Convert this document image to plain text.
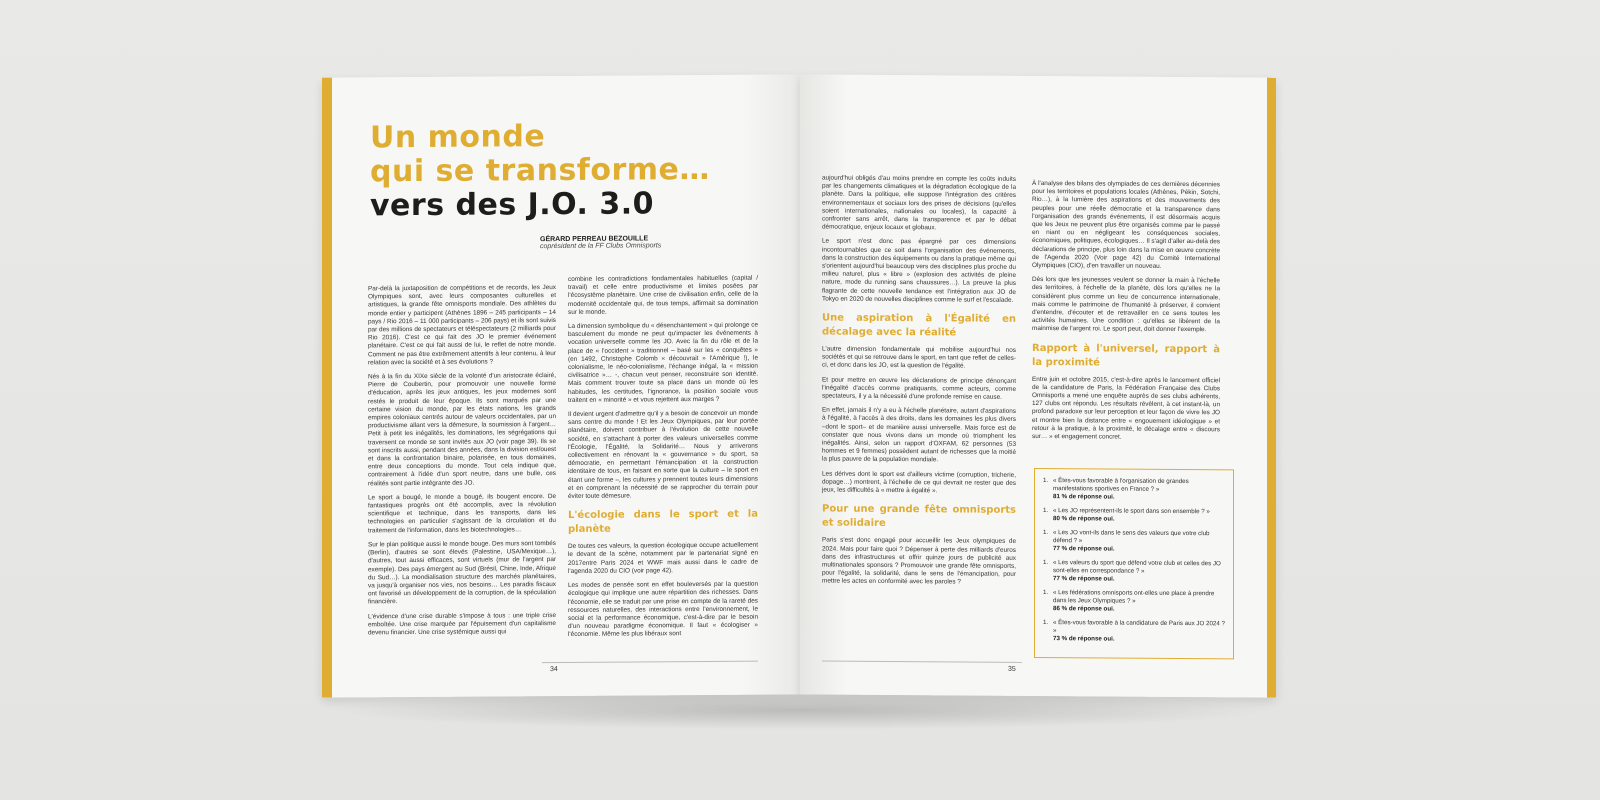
Un monde
qui se transforme…
vers des J.O. 3.0
GÉRARD PERREAU BEZOUILLE
coprésident de la FF Clubs Omnisports

Par-delà la juxtaposition de compétitions et de records, les Jeux Olympiques sont, avec leurs composantes culturelles et artistiques, la grande fête omnisports mondiale. Des athlètes du monde entier y participent (Athènes 1896 – 245 participants – 14 pays / Rio 2016 – 11 000 participants – 206 pays) et ils sont suivis par des millions de spectateurs et téléspectateurs (2 milliards pour Rio 2016). C'est ce qui fait des JO le premier événement planétaire. C'est ce qui fait aussi de lui, le reflet de notre monde. Comment ne pas être extrêmement attentifs à leur contenu, à leur relation avec la société et à ses évolutions ?

Nés à la fin du XIXe siècle de la volonté d'un aristocrate éclairé, Pierre de Coubertin, pour promouvoir une nouvelle forme d'éducation, après les jeux antiques, les jeux modernes sont restés le produit de leur époque. Ils sont marqués par une certaine vision du monde, par les états nations, les grands empires coloniaux centrés autour de valeurs occidentales, par un productivisme allant vers la démesure, la soumission à l'argent… Petit à petit les inégalités, les dominations, les ségrégations qui traversent ce monde se sont invités aux JO (voir page 39). Ils se sont inscrits aussi, pendant des années, dans la division est/ouest et dans la confrontation binaire, polarisée, en tous domaines, entre deux conceptions du monde. Tout cela indique que, contrairement à l'idée d'un sport neutre, dans une bulle, ces réalités sont partie intégrante des JO.

Le sport a bougé, le monde a bougé, ils bougent encore. De fantastiques progrès ont été accomplis, avec la révolution scientifique et technique, dans les transports, dans les technologies en particulier s'agissant de la circulation et du traitement de l'information, dans les biotechnologies…

Sur le plan politique aussi le monde bouge. Des murs sont tombés (Berlin), d'autres se sont élevés (Palestine, USA/Mexique…), d'autres, tout aussi efficaces, sont virtuels (mur de l'argent par exemple). Des pays émergent au Sud (Brésil, Chine, Inde, Afrique du Sud…). La mondialisation structure des marchés planétaires, va jusqu'à organiser nos vies, nos besoins… Les paradis fiscaux ont favorisé un développement de la corruption, de la spéculation financière.

L'évidence d'une crise durable s'impose à tous : une triple crise emboîtée. Une crise marquée par l'épuisement d'un capitalisme devenu financier. Une crise systémique aussi qui

combine les contradictions fondamentales habituelles (capital / travail) et celle entre productivisme et limites posées par l'écosystème planétaire. Une crise de civilisation enfin, celle de la modernité occidentale qui, de tous temps, affirmait sa domination sur le monde.

La dimension symbolique du « désenchantement » qui prolonge ce basculement du monde ne peut qu'impacter les événements à vocation universelle comme les JO. Avec la fin du rôle et de la place de « l'occident » traditionnel – basé sur les « conquêtes » (en 1492, Christophe Colomb « découvrait » l'Amérique !), le colonialisme, le néo-colonialisme, l'échange inégal, la « mission civilisatrice »… -, chacun veut penser, reconstruire son identité. Mais comment trouver toute sa place dans un monde où les habitudes, les certitudes, l'ignorance, la position sociale vous traitent en « minorité » et vous rejettent aux marges ?

Il devient urgent d'admettre qu'il y a besoin de concevoir un monde sans centre du monde ! Et les Jeux Olympiques, par leur portée planétaire, doivent contribuer à l'évolution de cette nouvelle société, en s'attachant à porter des valeurs universelles comme l'Écologie, l'Égalité, la Solidarité… Nous y arriverons collectivement en rénovant la « gouvernance » du sport, sa démocratie, en permettant l'émancipation et la construction identitaire de tous, en faisant en sorte que la culture – le sport en étant une forme –, les cultures y prennent toutes leurs dimensions et en comprenant la nécessité de se rapprocher du terrain pour éviter toute démesure.

L'écologie dans le sport et la planète

De toutes ces valeurs, la question écologique occupe actuellement le devant de la scène, notamment par le partenariat signé en 2017entre Paris 2024 et WWF mais aussi dans le cadre de l'agenda 2020 du CIO (voir page 42).

Les modes de pensée sont en effet bouleversés par la question écologique qui implique une autre répartition des richesses. Dans l'économie, elle se traduit par une prise en compte de la rareté des ressources naturelles, des interactions entre l'environnement, le social et la performance économique, c'est-à-dire par le besoin d'un nouveau paradigme économique. Il faut « écologiser » l'économie. Même les plus libéraux sont

34

aujourd'hui obligés d'au moins prendre en compte les coûts induits par les changements climatiques et la dégradation écologique de la planète. Dans la politique, elle suppose l'intégration des critères environnementaux et sociaux lors des prises de décisions (qu'elles soient internationales, nationales ou locales), la capacité à confronter sans arrêt, dans la transparence et par le débat démocratique, enjeux locaux et globaux.

Le sport n'est donc pas épargné par ces dimensions incontournables que ce soit dans l'organisation des événements, dans la construction des équipements ou dans la pratique même qui s'orientent aujourd'hui beaucoup vers des disciplines plus proche du milieu naturel, plus « libre » (explosion des activités de pleine nature, mode du running sans chaussures…). La preuve la plus flagrante de cette nouvelle tendance est l'intégration aux JO de Tokyo en 2020 de nouvelles disciplines comme le surf et l'escalade.

Une aspiration à l'Égalité en décalage avec la réalité

L'autre dimension fondamentale qui mobilise aujourd'hui nos sociétés et qui se retrouve dans le sport, en tant que reflet de celles-ci, et donc dans les JO, est la question de l'égalité.

Et pour mettre en œuvre les déclarations de principe dénonçant l'inégalité d'accès comme pratiquants, comme acteurs, comme spectateurs, il y a la nécessité d'une profonde remise en cause.

En effet, jamais il n'y a eu à l'échelle planétaire, autant d'aspirations à l'égalité, à l'accès à des droits, dans les domaines les plus divers –dont le sport– et de manière aussi universelle. Mais force est de constater que nous vivons dans un monde où triomphent les inégalités. Ainsi, selon un rapport d'OXFAM, 62 personnes (53 hommes et 9 femmes) possèdent autant de richesses que la moitié la plus pauvre de la population mondiale.

Les dérives dont le sport est d'ailleurs victime (corruption, tricherie, dopage…) montrent, à l'échelle de ce qui devrait ne rester que des jeux, les difficultés à « mettre à égalité ».

Pour une grande fête omnisports et solidaire

Paris s'est donc engagé pour accueillir les Jeux olympiques de 2024. Mais pour faire quoi ? Dépenser à perte des milliards d'euros dans des infrastructures et offrir quinze jours de publicité aux multinationales sponsors ? Promouvoir une grande fête omnisports, pour l'égalité, la solidarité, dans le sens de l'émancipation, pour mettre les actes en conformité avec les paroles ?

À l'analyse des bilans des olympiades de ces dernières décennies pour les territoires et populations locales (Athènes, Pékin, Sotchi, Rio…), à la lumière des aspirations et des mouvements des peuples pour une réelle démocratie et la transparence dans l'organisation des grands événements, il est désormais acquis que les Jeux ne peuvent plus être organisés comme par le passé en niant ou en négligeant les conséquences sociales, économiques, politiques, écologiques… Il s'agit d'aller au-delà des déclarations de principe, plus loin dans la mise en œuvre concrète de l'Agenda 2020 (Voir page 42) du Comité International Olympiques (CIO), d'en travailler un nouveau.

Dès lors que les jeunesses veulent se donner la main à l'échelle des territoires, à l'échelle de la planète, dès lors qu'elles ne la considèrent plus comme un lieu de concurrence internationale, mais comme le patrimoine de l'humanité à préserver, il convient d'entendre, d'écouter et de retravailler en ce sens toutes les activités humaines. Une condition : qu'elles se libèrent de la mainmise de l'argent roi. Le sport peut, doit donner l'exemple.

Rapport à l'universel, rapport à la proximité

Entre juin et octobre 2015, c'est-à-dire après le lancement officiel de la candidature de Paris, la Fédération Française des Clubs Omnisports a mené une enquête auprès de ses clubs adhérents, 127 clubs ont répondu. Les résultats révèlent, à cet instant-là, un profond paradoxe sur leur perception et leur façon de vivre les JO et montre bien la distance entre « engouement idéologique » et retour à la pratique, à la proximité, le décalage entre « discours sur… » et engagement concret.

1. « Êtes-vous favorable à l'organisation de grandes manifestations sportives en France ? »
81 % de réponse oui.
1. « Les JO représentent-ils le sport dans son ensemble ? »
80 % de réponse oui.
1. « Les JO vont-ils dans le sens des valeurs que votre club défend ? »
77 % de réponse oui.
1. « Les valeurs du sport que défend votre club et celles des JO sont-elles en correspondance ? »
77 % de réponse oui.
1. « Les fédérations omnisports ont-elles une place à prendre dans les Jeux Olympiques ? »
86 % de réponse oui.
1. « Êtes-vous favorable à la candidature de Paris aux JO 2024 ? »
73 % de réponse oui.
35
